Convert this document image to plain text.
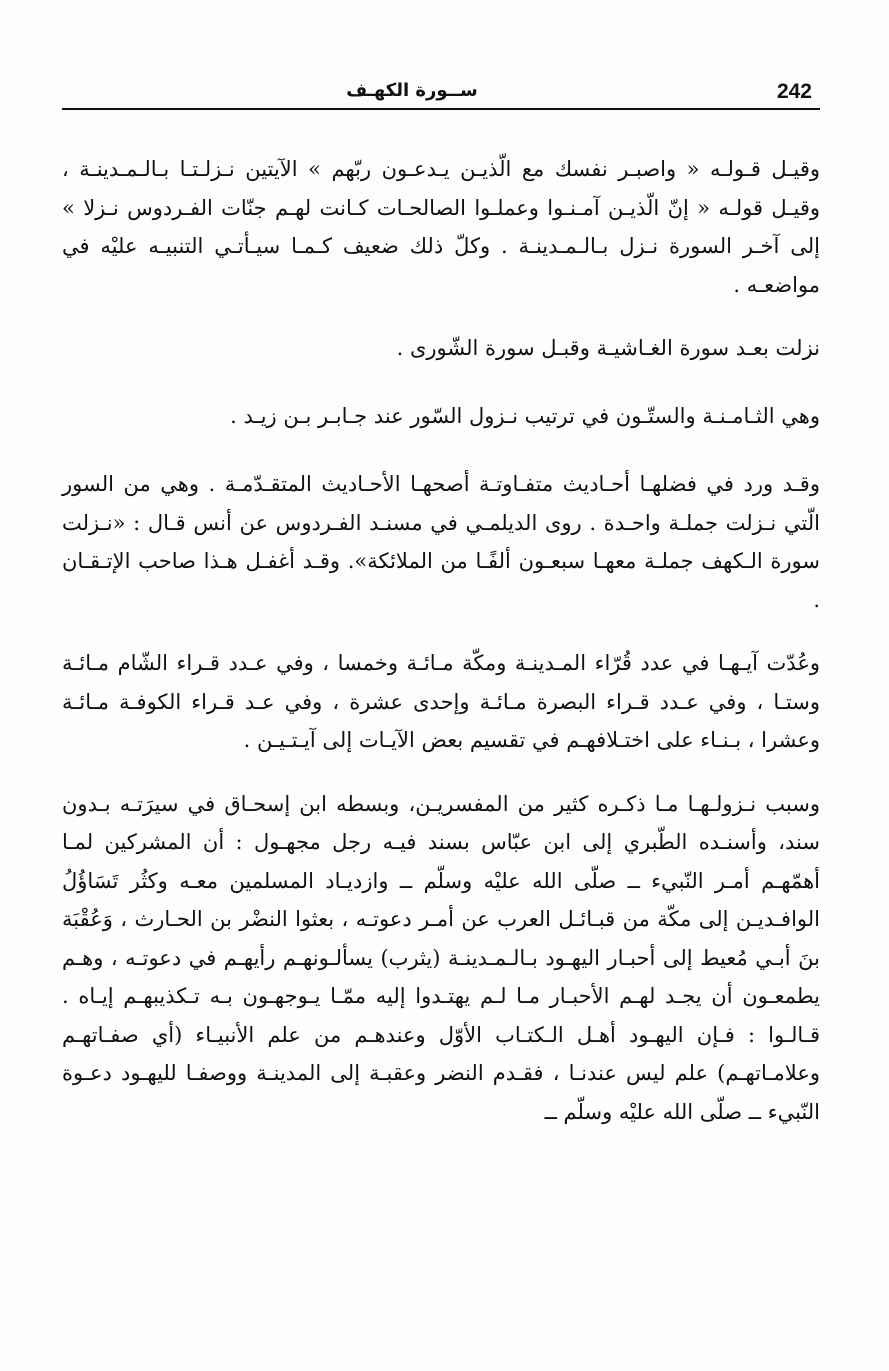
242
ســورة الكهـف

وقيـل قـولـه « واصبـر نفسك مع الّذيـن يـدعـون ربّهم » الآيتين نـزلـتـا بـالـمـدينـة ، وقيـل قولـه « إنّ الّذيـن آمـنـوا وعملـوا الصالحـات كـانت لهـم جنّات الفـردوس نـزلا » إلى آخـر السورة نـزل بـالـمـدينـة . وكلّ ذلك ضعيف كـمـا سيـأتـي التنبيـه عليْه في مواضعـه .

نزلت بعـد سورة الغـاشيـة وقبـل سورة الشّورى .

وهي الثـامـنـة والستّـون في ترتيب نـزول السّور عند جـابـر بـن زيـد .

وقـد ورد في فضلهـا أحـاديث متفـاوتـة أصحهـا الأحـاديث المتقـدّمـة . وهي من السور الّتي نـزلت جملـة واحـدة . روى الديلمـي في مسنـد الفـردوس عن أنس قـال : «نـزلت سورة الـكهف جملـة معهـا سبعـون ألفًـا من الملائكة». وقـد أغفـل هـذا صاحب الإتـقـان .

وعُدّت آيـهـا في عدد قُرّاء المـدينـة ومكّة مـائـة وخمسا ، وفي عـدد قـراء الشّام مـائـة وستـا ، وفي عـدد قـراء البصرة مـائـة وإحدى عشرة ، وفي عـد قـراء الكوفـة مـائـة وعشرا ، بـنـاء على اختـلافهـم في تقسيم بعض الآيـات إلى آيـتـيـن .

وسبب نـزولـهـا مـا ذكـره كثير من المفسريـن، وبسطه ابن إسحـاق في سيرَتـه بـدون سند، وأسنـده الطّبري إلى ابن عبّاس بسند فيـه رجل مجهـول : أن المشركين لمـا أهمّهـم أمـر النّبيء ــ صلّى الله عليْه وسلّم ــ وازديـاد المسلمين معـه وكثُر تَسَاؤُلُ الوافـديـن إلى مكّة من قبـائـل العرب عن أمـر دعوتـه ، بعثوا النضْر بن الحـارث ، وَعُقْبَة بنَ أبـي مُعيط إلى أحبـار اليهـود بـالـمـدينـة (يثرب) يسألـونهـم رأيهـم في دعوتـه ، وهـم يطمعـون أن يجـد لهـم الأحبـار مـا لـم يهتـدوا إليه ممّـا يـوجهـون بـه تـكذيبهـم إيـاه . قـالـوا : فـإن اليهـود أهـل الـكتـاب الأوّل وعندهـم من علم الأنبيـاء (أي صفـاتهـم وعلامـاتهـم) علم ليس عندنـا ، فقـدم النضر وعقبـة إلى المدينـة ووصفـا لليهـود دعـوة النّبيء ــ صلّى الله عليْه وسلّم ــ
